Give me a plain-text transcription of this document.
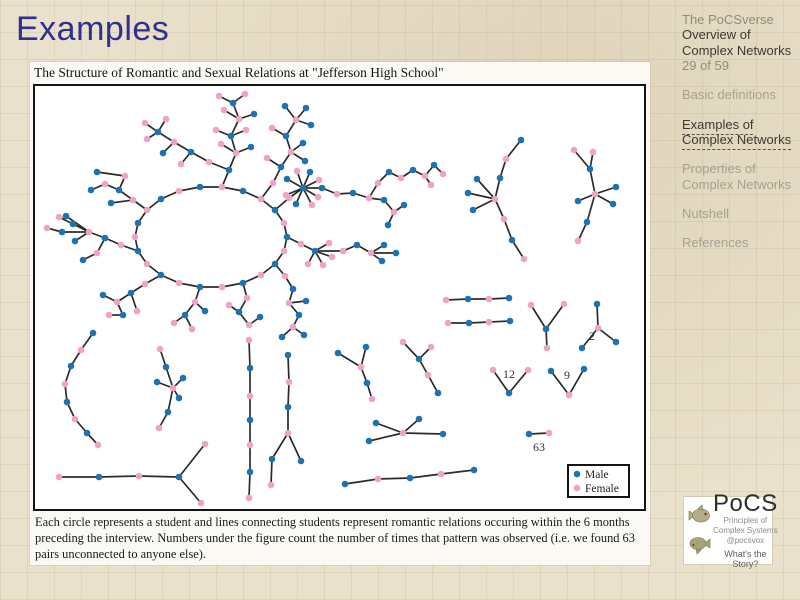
Examples
The Structure of Romantic and Sexual Relations at "Jefferson High School"
2
12	9
63
Male
Female
Each circle represents a student and lines connecting students represent romantic relations occuring within the 6 months preceding the interview. Numbers under the figure count the number of times that pattern was observed (i.e. we found 63 pairs unconnected to anyone else).
The PoCSverse
Overview of Complex Networks
29 of 59
Basic definitions
Examples of Complex Networks
Properties of Complex Networks
Nutshell
References
PoCS
Principles of
Complex Systems
@pocsvox
What's the Story?
